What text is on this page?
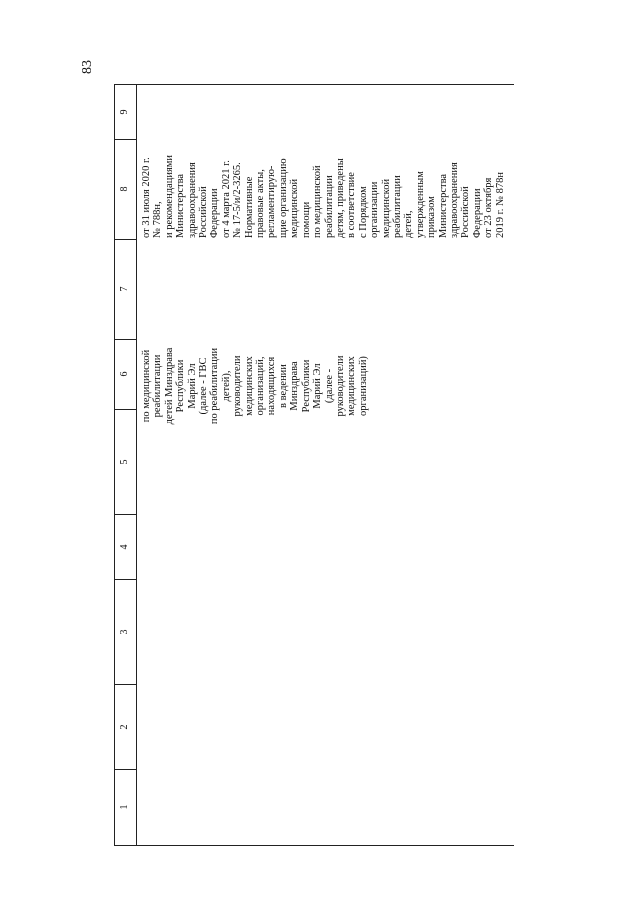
83
9
8
7
6
5
4
3
2
1
по медицинской реабилитации детей Минздрава Республики Марий Эл (далее - ГВС по реабилитации детей), руководители медицинских организаций, находящихся в ведении Минздрава Республики Марий Эл (далее - руководители медицинских организаций)
от 31 июля 2020 г. № 788н, и рекомендациями Министерства здравоохранения Российской Федерации от 4 марта 2021 г. № 17-5/и/2-3265. Нормативные правовые акты, регламентирую- щие организацию медицинской помощи по медицинской реабилитации детям, приведены в соответствие с Порядком организации медицинской реабилитации детей, утвержденным приказом Министерства здравоохранения Российской Федерации от 23 октября 2019 г. № 878н
